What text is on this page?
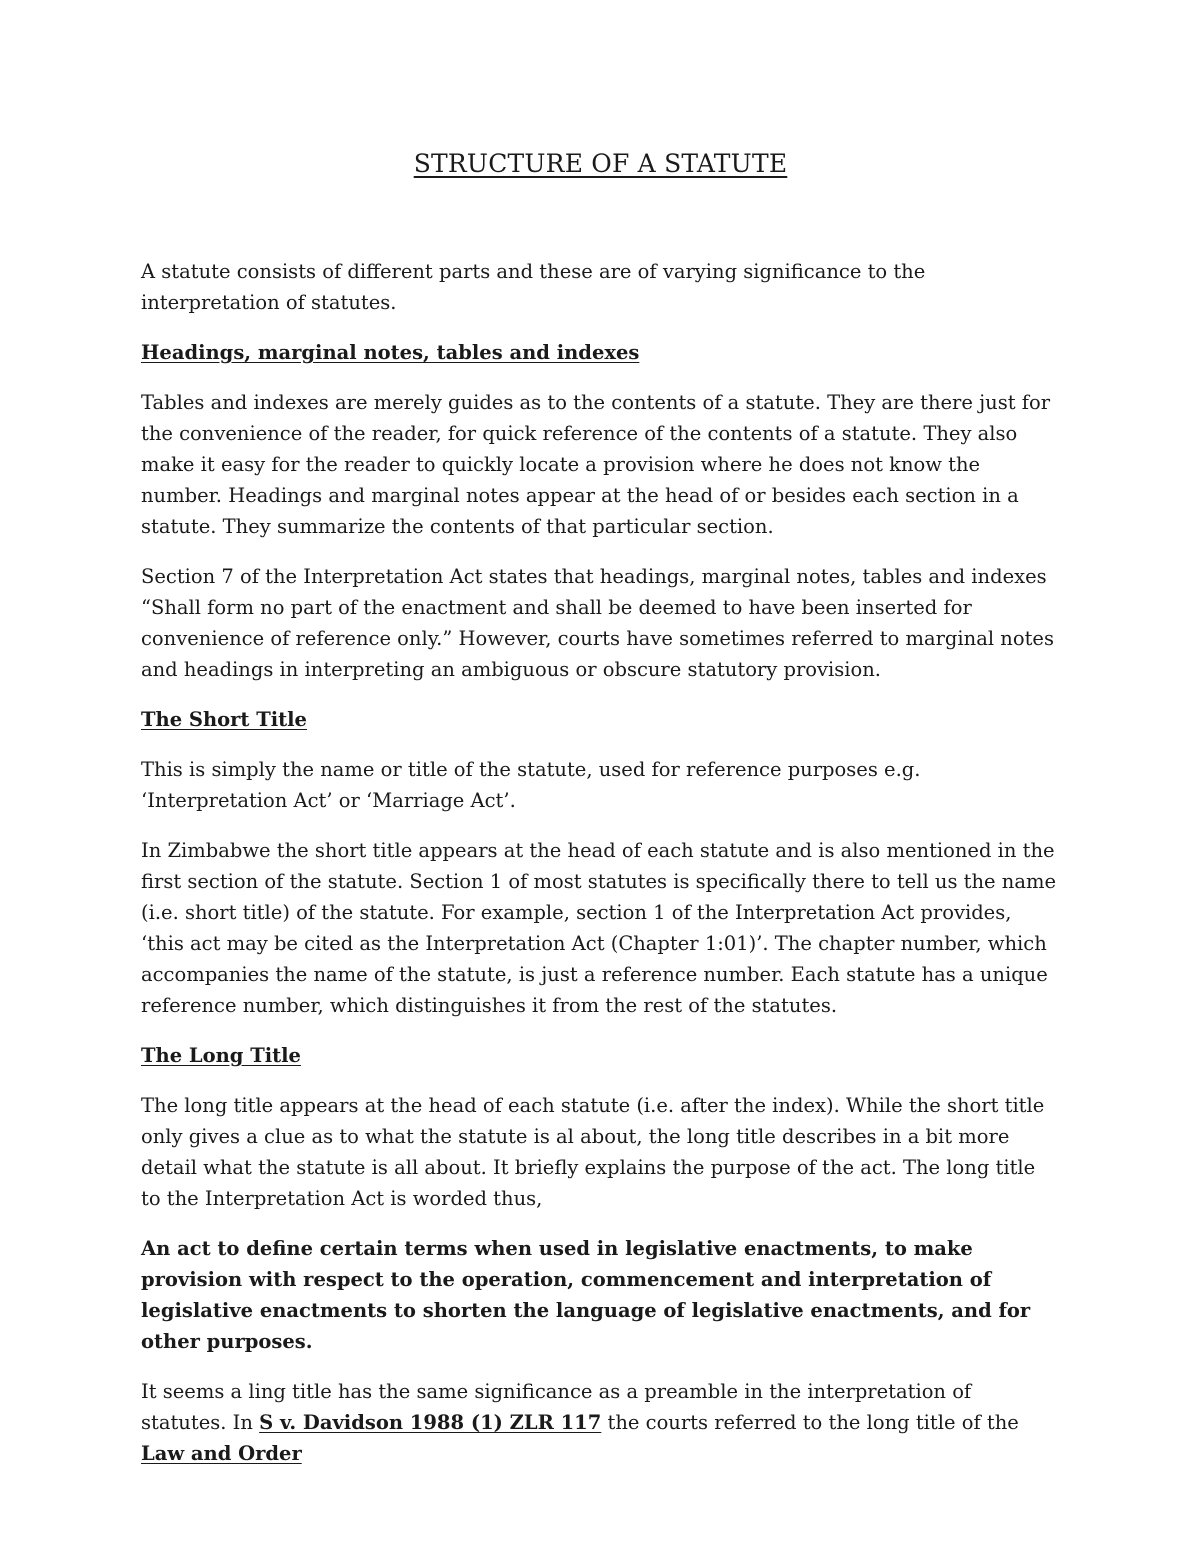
STRUCTURE OF A STATUTE

A statute consists of different parts and these are of varying significance to the interpretation of statutes.

Headings, marginal notes, tables and indexes

Tables and indexes are merely guides as to the contents of a statute. They are there just for the convenience of the reader, for quick reference of the contents of a statute. They also make it easy for the reader to quickly locate a provision where he does not know the number. Headings and marginal notes appear at the head of or besides each section in a statute. They summarize the contents of that particular section.

Section 7 of the Interpretation Act states that headings, marginal notes, tables and indexes “Shall form no part of the enactment and shall be deemed to have been inserted for convenience of reference only.” However, courts have sometimes referred to marginal notes and headings in interpreting an ambiguous or obscure statutory provision.

The Short Title

This is simply the name or title of the statute, used for reference purposes e.g. ‘Interpretation Act’ or ‘Marriage Act’.

In Zimbabwe the short title appears at the head of each statute and is also mentioned in the first section of the statute. Section 1 of most statutes is specifically there to tell us the name (i.e. short title) of the statute. For example, section 1 of the Interpretation Act provides, ‘this act may be cited as the Interpretation Act (Chapter 1:01)’. The chapter number, which accompanies the name of the statute, is just a reference number. Each statute has a unique reference number, which distinguishes it from the rest of the statutes.

The Long Title

The long title appears at the head of each statute (i.e. after the index). While the short title only gives a clue as to what the statute is al about, the long title describes in a bit more detail what the statute is all about. It briefly explains the purpose of the act. The long title to the Interpretation Act is worded thus,

An act to define certain terms when used in legislative enactments, to make provision with respect to the operation, commencement and interpretation of legislative enactments to shorten the language of legislative enactments, and for other purposes.

It seems a ling title has the same significance as a preamble in the interpretation of statutes. In S v. Davidson 1988 (1) ZLR 117 the courts referred to the long title of the Law and Order
